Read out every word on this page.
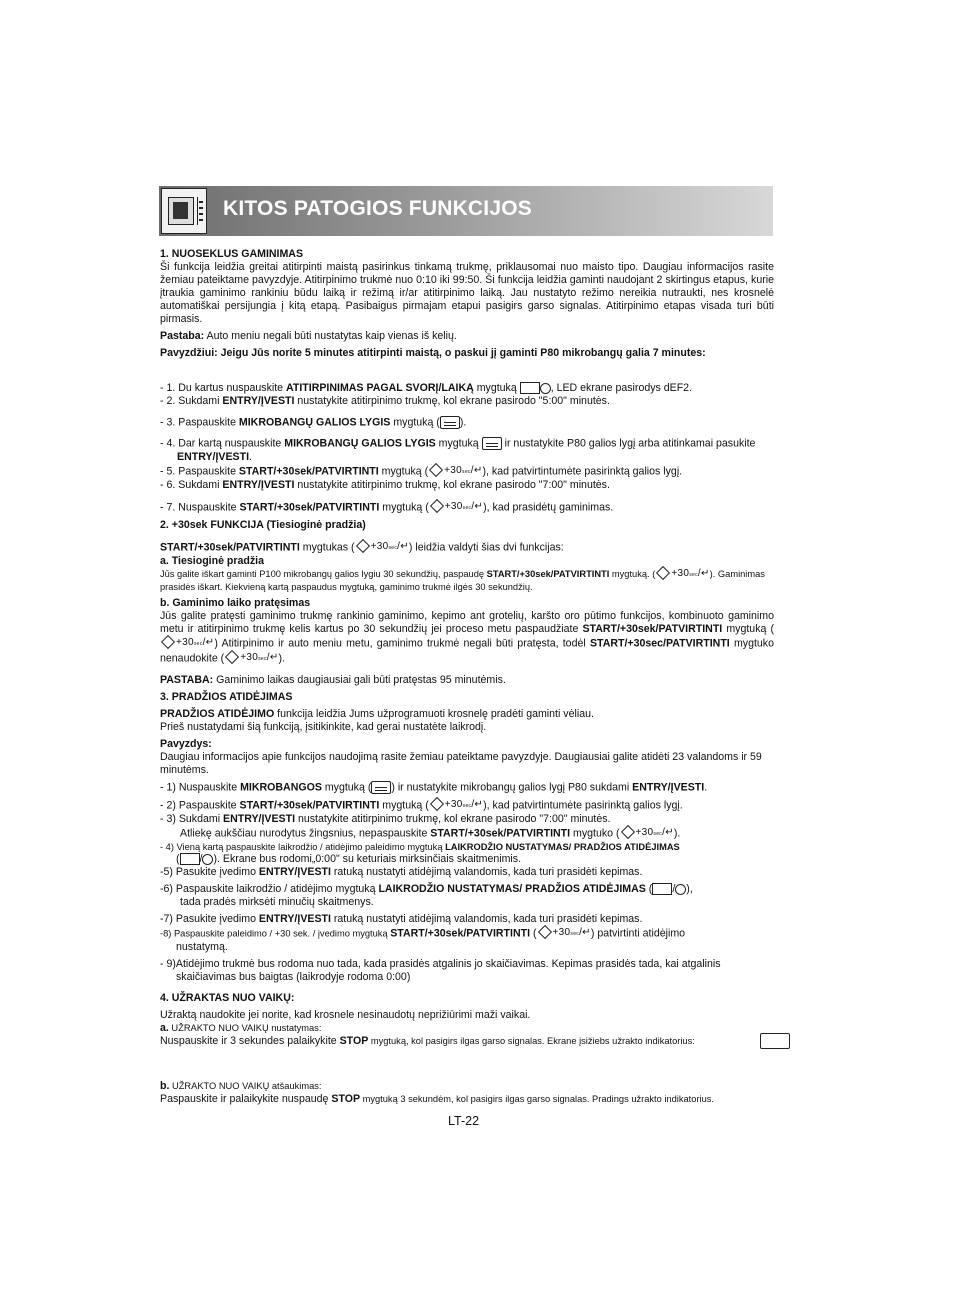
KITOS PATOGIOS FUNKCIJOS

1. NUOSEKLUS GAMINIMAS

Ši funkcija leidžia greitai atitirpinti maistą pasirinkus tinkamą trukmę, priklausomai nuo maisto tipo. Daugiau informacijos rasite žemiau pateiktame pavyzdyje. Atitirpinimo trukmė nuo 0:10 iki 99:50. Ši funkcija leidžia gaminti naudojant 2 skirtingus etapus, kurie įtraukia gaminimo rankiniu būdu laiką ir režimą ir/ar atitirpinimo laiką. Jau nustatyto režimo nereikia nutraukti, nes krosnelė automatiškai persijungia į kitą etapą. Pasibaigus pirmajam etapui pasigirs garso signalas. Atitirpinimo etapas visada turi būti pirmasis.

Pastaba: Auto meniu negali būti nustatytas kaip vienas iš kelių.

Pavyzdžiui: Jeigu Jūs norite 5 minutes atitirpinti maistą, o paskui jį gaminti P80 mikrobangų galia 7 minutes:

- 1. Du kartus nuspauskite ATITIRPINIMAS PAGAL SVORĮ/LAIKĄ mygtuką	, LED ekrane pasirodys dEF2.

- 2. Sukdami ENTRY/ĮVESTI nustatykite atitirpinimo trukmę, kol ekrane pasirodo "5:00" minutės.

- 3. Paspauskite MIKROBANGŲ GALIOS LYGIS mygtuką ( ).

- 4. Dar kartą nuspauskite MIKROBANGŲ GALIOS LYGIS mygtuką  ir nustatykite P80 galios lygį arba atitinkamai pasukite ENTRY/ĮVESTI.

- 5. Paspauskite START/+30sek/PATVIRTINTI mygtuką ( +30sec/↵), kad patvirtintumėte pasirinktą galios lygį.

- 6. Sukdami ENTRY/ĮVESTI nustatykite atitirpinimo trukmę, kol ekrane pasirodo "7:00" minutės.

- 7. Nuspauskite START/+30sek/PATVIRTINTI mygtuką ( +30sec/↵), kad prasidėtų gaminimas.

2. +30sek FUNKCIJA (Tiesioginė pradžia)

START/+30sek/PATVIRTINTI mygtukas ( +30sec/↵) leidžia valdyti šias dvi funkcijas:

a. Tiesioginė pradžia

Jūs galite iškart gaminti P100 mikrobangų galios lygiu 30 sekundžių, paspaudę START/+30sek/PATVIRTINTI mygtuką. ( +30sec/↵). Gaminimas prasidės iškart. Kiekvieną kartą paspaudus mygtuką, gaminimo trukmė ilgės 30 sekundžių.

b. Gaminimo laiko pratęsimas

Jūs galite pratęsti gaminimo trukmę rankinio gaminimo, kepimo ant grotelių, karšto oro pūtimo funkcijos, kombinuoto gaminimo metu ir atitirpinimo trukmę kelis kartus po 30 sekundžių jei proceso metu paspaudžiate START/+30sek/PATVIRTINTI mygtuką (+30sec/↵) Atitirpinimo ir auto meniu metu, gaminimo trukmė negali būti pratęsta, todėl START/+30sec/PATVIRTINTI mygtuko nenaudokite ( +30sec/↵).

PASTABA: Gaminimo laikas daugiausiai gali būti pratęstas 95 minutėmis.

3. PRADŽIOS ATIDĖJIMAS

PRADŽIOS ATIDĖJIMO funkcija leidžia Jums užprogramuoti krosnelę pradėti gaminti vėliau.

Prieš nustatydami šią funkciją, įsitikinkite, kad gerai nustatėte laikrodį.

Pavyzdys:

Daugiau informacijos apie funkcijos naudojimą rasite žemiau pateiktame pavyzdyje. Daugiausiai galite atidėti 23 valandoms ir 59 minutėms.

- 1) Nuspauskite MIKROBANGOS mygtuką ( ) ir nustatykite mikrobangų galios lygį P80 sukdami ENTRY/ĮVESTI.

- 2) Paspauskite START/+30sek/PATVIRTINTI mygtuką ( +30sec/↵), kad patvirtintumėte pasirinktą galios lygį.

- 3) Sukdami ENTRY/ĮVESTI nustatykite atitirpinimo trukmę, kol ekrane pasirodo "7:00" minutės.

Atliekę aukščiau nurodytus žingsnius, nepaspauskite START/+30sek/PATVIRTINTI mygtuko ( +30sec/↵).

- 4) Vieną kartą paspauskite laikrodžio / atidėjimo paleidimo mygtuką LAIKRODŽIO NUSTATYMAS/ PRADŽIOS ATIDĖJIMAS

( / ). Ekrane bus rodomi„0:00" su keturiais mirksinčiais skaitmenimis.

-5) Pasukite įvedimo ENTRY/ĮVESTI ratuką nustatyti atidėjimą valandomis, kada turi prasidėti kepimas.

-6) Paspauskite laikrodžio / atidėjimo mygtuką LAIKRODŽIO NUSTATYMAS/ PRADŽIOS ATIDĖJIMAS ( / ),

tada pradės mirksėti minučių skaitmenys.

-7) Pasukite įvedimo ENTRY/ĮVESTI ratuką nustatyti atidėjimą valandomis, kada turi prasidėti kepimas.

-8) Paspauskite paleidimo / +30 sek. / įvedimo mygtuką START/+30sek/PATVIRTINTI ( +30sec/↵) patvirtinti atidėjimo

nustatymą.

- 9)Atidėjimo trukmė bus rodoma nuo tada, kada prasidės atgalinis jo skaičiavimas. Kepimas prasidės tada, kai atgalinis

skaičiavimas bus baigtas (laikrodyje rodoma 0:00)

4. UŽRAKTAS NUO VAIKŲ:

Užraktą naudokite jei norite, kad krosnele nesinaudotų neprižiūrimi maži vaikai.

a. UŽRAKTO NUO VAIKŲ nustatymas:

Nuspauskite ir 3 sekundes palaikykite STOP mygtuką, kol pasigirs ilgas garso signalas. Ekrane įsižiebs užrakto indikatorius:

b. UŽRAKTO NUO VAIKŲ atšaukimas:

Paspauskite ir palaikykite nuspaudę STOP mygtuką 3 sekundėm, kol pasigirs ilgas garso signalas. Pradings užrakto indikatorius.

LT-22
